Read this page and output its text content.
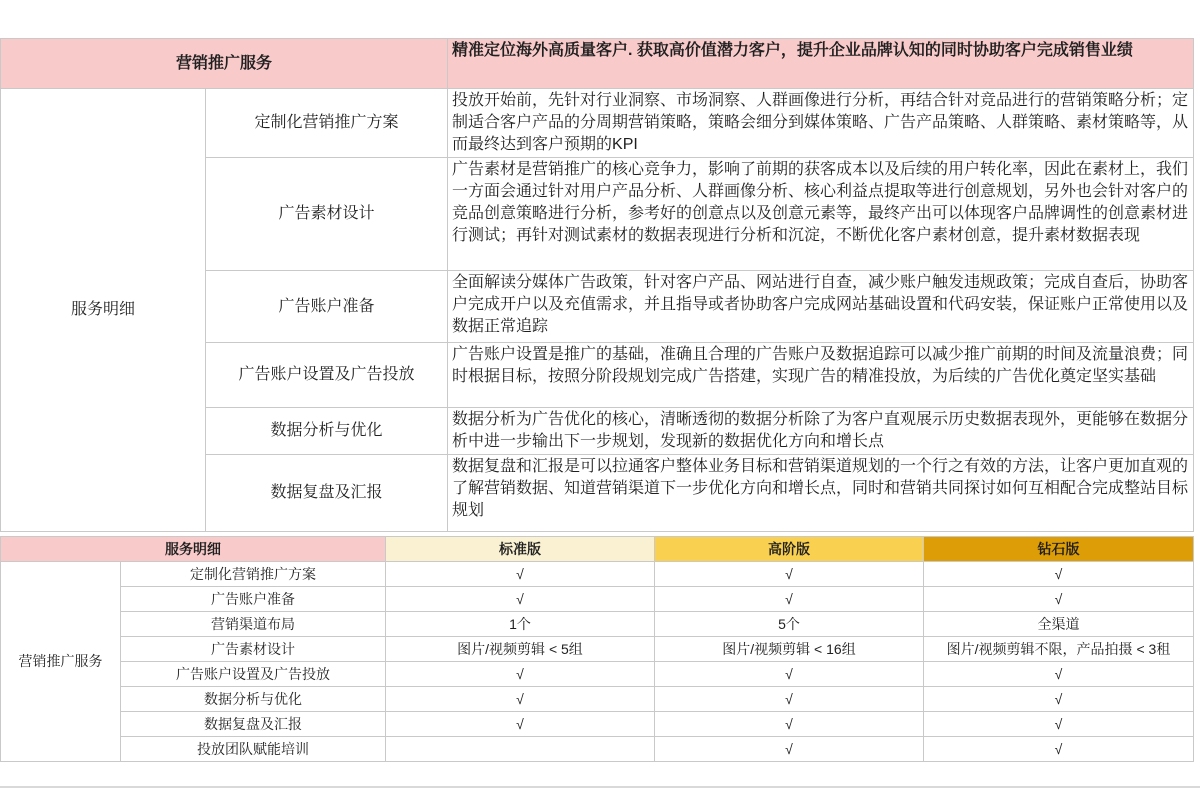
营销推广服务		精准定位海外高质量客户. 获取高价值潜力客户，提升企业品牌认知的同时协助客户完成销售业绩
服务明细	定制化营销推广方案	投放开始前，先针对行业洞察、市场洞察、人群画像进行分析，再结合针对竞品进行的营销策略分析；定制适合客户产品的分周期营销策略，策略会细分到媒体策略、广告产品策略、人群策略、素材策略等，从而最终达到客户预期的KPI
	广告素材设计	广告素材是营销推广的核心竞争力，影响了前期的获客成本以及后续的用户转化率，因此在素材上，我们一方面会通过针对用户产品分析、人群画像分析、核心利益点提取等进行创意规划，另外也会针对客户的竞品创意策略进行分析，参考好的创意点以及创意元素等，最终产出可以体现客户品牌调性的创意素材进行测试；再针对测试素材的数据表现进行分析和沉淀，不断优化客户素材创意，提升素材数据表现
	广告账户准备	全面解读分媒体广告政策，针对客户产品、网站进行自查，减少账户触发违规政策；完成自查后，协助客户完成开户以及充值需求，并且指导或者协助客户完成网站基础设置和代码安装，保证账户正常使用以及数据正常追踪
	广告账户设置及广告投放	广告账户设置是推广的基础，准确且合理的广告账户及数据追踪可以减少推广前期的时间及流量浪费；同时根据目标，按照分阶段规划完成广告搭建，实现广告的精准投放，为后续的广告优化奠定坚实基础
	数据分析与优化	数据分析为广告优化的核心，清晰透彻的数据分析除了为客户直观展示历史数据表现外，更能够在数据分析中进一步输出下一步规划，发现新的数据优化方向和增长点
	数据复盘及汇报	数据复盘和汇报是可以拉通客户整体业务目标和营销渠道规划的一个行之有效的方法，让客户更加直观的了解营销数据、知道营销渠道下一步优化方向和增长点，同时和营销共同探讨如何互相配合完成整站目标规划
服务明细		标准版	高阶版	钻石版
营销推广服务	定制化营销推广方案	√	√	√
	广告账户准备	√	√	√
	营销渠道布局	1个	5个	全渠道
	广告素材设计	图片/视频剪辑 < 5组	图片/视频剪辑 < 16组	图片/视频剪辑不限，产品拍摄 < 3租
	广告账户设置及广告投放	√	√	√
	数据分析与优化	√	√	√
	数据复盘及汇报	√	√	√
	投放团队赋能培训		√	√
